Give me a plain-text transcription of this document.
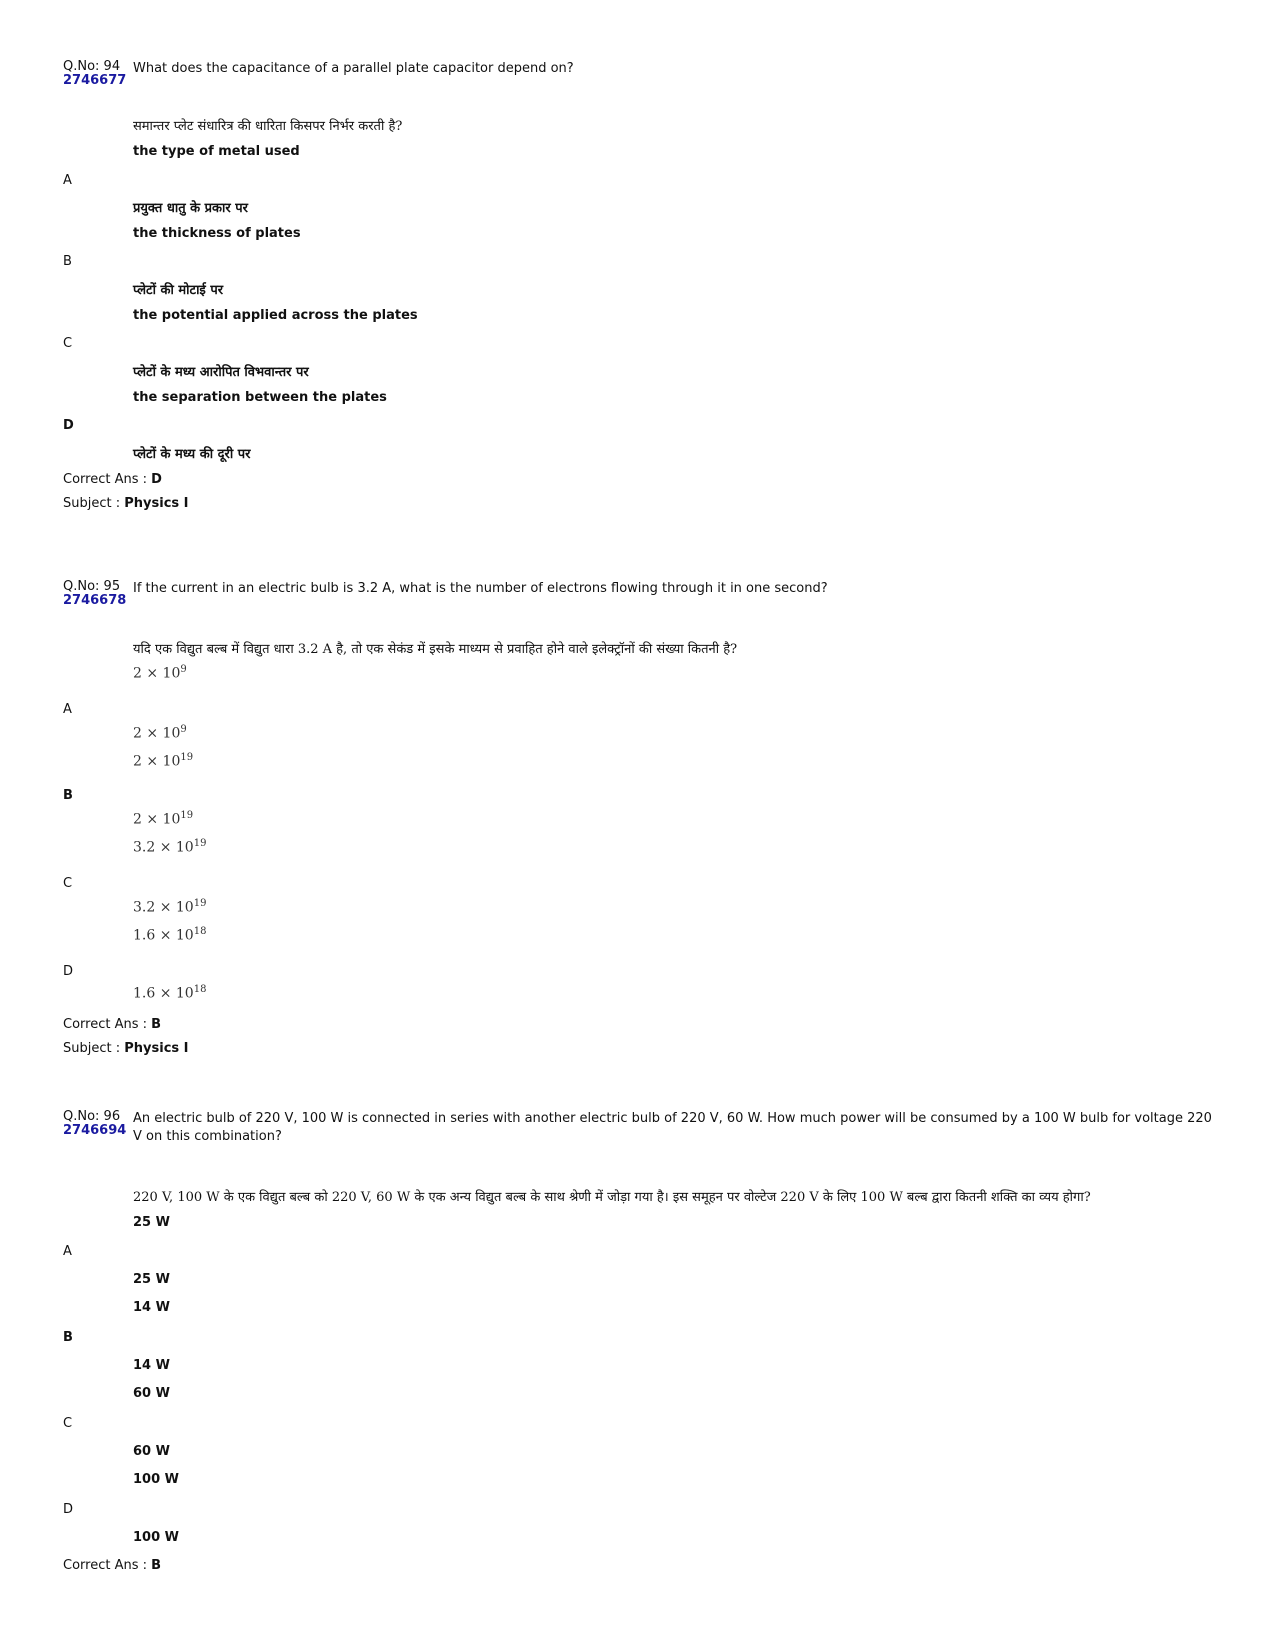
Q.No: 94
2746677
What does the capacitance of a parallel plate capacitor depend on?
समान्तर प्लेट संधारित्र की धारिता किसपर निर्भर करती है?
the type of metal used
A
प्रयुक्त धातु के प्रकार पर
the thickness of plates
B
प्लेटों की मोटाई पर
the potential applied across the plates
C
प्लेटों के मध्य आरोपित विभवान्तर पर
the separation between the plates
D
प्लेटों के मध्य की दूरी पर
Correct Ans : D
Subject : Physics I
Q.No: 95
2746678
If the current in an electric bulb is 3.2 A, what is the number of electrons flowing through it in one second?
यदि एक विद्युत बल्ब में विद्युत धारा 3.2 A है, तो एक सेकंड में इसके माध्यम से प्रवाहित होने वाले इलेक्ट्रॉनों की संख्या कितनी है?
$2 \times 10^9$
A
$2 \times 10^9$
$2 \times 10^{19}$
B
$2 \times 10^{19}$
$3.2 \times 10^{19}$
C
$3.2 \times 10^{19}$
$1.6 \times 10^{18}$
D
$1.6 \times 10^{18}$
Correct Ans : B
Subject : Physics I
Q.No: 96
2746694
An electric bulb of 220 V, 100 W is connected in series with another electric bulb of 220 V, 60 W. How much power will be consumed by a 100 W bulb for voltage 220 V on this combination?
220 V, 100 W के एक विद्युत बल्ब को 220 V, 60 W के एक अन्य विद्युत बल्ब के साथ श्रेणी में जोड़ा गया है। इस समूहन पर वोल्टेज 220 V के लिए 100 W बल्ब द्वारा कितनी शक्ति का व्यय होगा?
25 W
A
25 W
14 W
B
14 W
60 W
C
60 W
100 W
D
100 W
Correct Ans : B
